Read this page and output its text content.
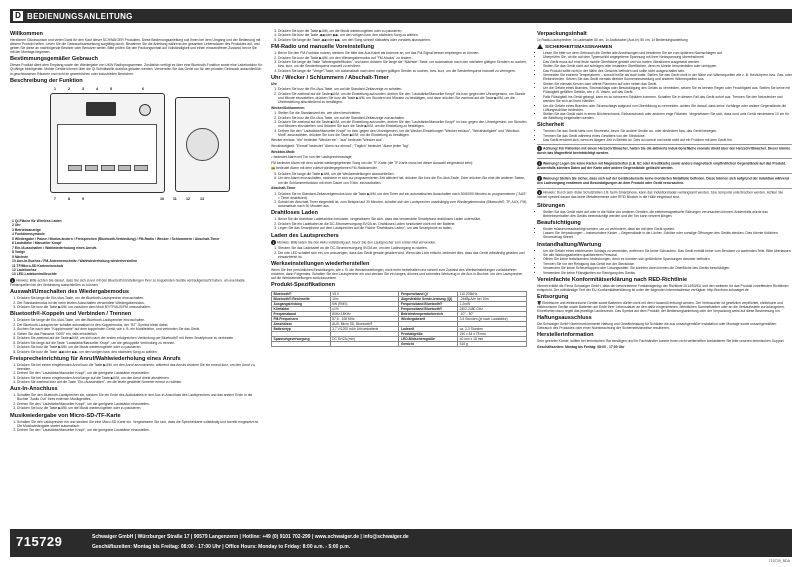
D BEDIENUNGSANLEITUNG
Willkommen

Herzlichen Glückwunsch und vielen Dank für den Kauf dieser SCHWAIGER Produktes. Diese Bedienungsanleitung soll Ihnen bei dem Umgang und der Bedienung mit diesem Produkt helfen. Lesen Sie die Gebrauchsanweisung sorgfältig durch. Bewahren Sie die Anleitung während der gesamten Lebensdauer des Produktes auf, und geben Sie diese an nachfolgende Besitzer oder Benutzer weiter. Bitte prüfen Sie den Packungsinhalt auf Vollständigkeit und einen einwandfreien Zustand, bevor Sie mit der Montage beginnen.

Bestimmungsgemäßer Gebrauch

Dieses Produkt dient dem Empfang sowie der Wiedergabe von UKW Radioprogrammen. Zusätzlich verfügt es über eine Bluetooth-Funktion sowie eine Ladefunktion für Qi-fähige Mobilgeräte. Mobile Geräte können über die Qi Schnittstelle drahtlos geladen werden. Verwenden Sie das Gerät nur für den privaten Gebrauch ausschließlich in geschlossenen Räumen und nicht im gewerblichen oder industriellen Bereichen.

Beschreibung der Funktion
1	2	3	4	5	6
7	8	9	10	11	12	13
1 Qi-Fläche für Wireless Laden
2 Uhr
3 Betriebsanzeige
4 Funktionssymbole
5 Wiedergabe / Pause / Modus ändern / Freisprechen (Bluetooth-Verbindung) / FM-Radio / Wecker / Schlummern / Abschalt-Timer
6 Lautstärke / Manueller Knopf
7 Ein-/Ausschalten / Wahlwiederholung eines Anrufs
8 Vorige
9 Nächste
10 Aux-In-Buchse / FM-Antennenschnitz / Wahlwiederholung wiederherstellen
11 TF/Micro-SD Karteneinschub
12 Ladebuchse
13 LED-Ladekontrollleuchte

i Hinweis: Bitte achten Sie darauf, dass Sie sich zuvor mit den Bluetooth Einstellungen Ihrer zu koppelnden Geräte vertrautgemacht haben, um eventuelle Fehlerquellen bei der Verbindung ausschließen zu können.

Auswahl/Umschalten des Wiedergabemodus
1. Drücken Sie lange die Ein-/Aus-Taste, um die Bluetooth-Lautsprecher einzuschalten.
2. Der Standardmodus ist der beim letzten Ausschalten verwendete Wiedergabemodus.
3. Drücken Sie kurz die Taste ▶II/M, um zwischen dem Modi BT/TF/AUX/FM umzuschalten.
Bluetooth®-Koppeln und Verbinden / Trennen
1. Drücken Sie lange die Ein-/Aus-Taste, um den Bluetooth-Lautsprecher einzuschalten.
2. Der Bluetooth-Lautsprecher schaltet automatisch in den Koppelmodus, der "BT"-Symbol blinkt dabei.
3. Suchen Sie nach dem "Kopplername" auf dem koppelnden Gerät, wie z. B. ein Mobiltelefon, und verbinden Sie das Gerät.
4. Geben Sie das Passwort "0000" ein, falls erforderlich.
5. Drücken Sie zweimal auf die Taste ▶II/M, um sich nach der ersten erfolgreichen Verbindung per Bluetooth® mit Ihrem Smartphone zu verbinden.
6. Drücken Sie lange auf die Taste "Lautstärke/Manueller Knopf", um die gekoppelte Verbindung zu trennen.
7. Drücken Sie kurz die Taste ▶II/M, um die Musik wiederzugeben oder zu pausieren.
8. Drücken Sie kurz die Taste ◀◀ oder ▶▶, um den vorigen bzw. den nächsten Song zu wählen.
Freisprecheinrichtung für Anruf/Wahlwiederholung eines Anrufs
1. Drücken Sie bei einem eingehenden Anruf kurz die Taste ▶II/M, um den Anruf anzunehmen, während das Anrufs drücken Sie sie erneut kurz, um den Anruf zu beenden.
2. Drehen Sie den "Lautstärke/Manueller Knopf", um die geeignete Lautstärke einzustellen.
3. Drücken Sie bei einem eingehenden Anruf lange auf die Taste ▶II/M, um den Anruf direkt abzulehnen.
4. Drücken Sie zweimal kurz auf die Taste "Ein-/Ausschalten", um die letzte gewählte Nummer erneut zu wählen.
Aux-In-Anschluss
1. Schalten Sie den Bluetooth-Lautsprecher ein, stecken Sie ein Ende des Audiokabels in den Aux-In-Anschluss des Lautsprechers und das andere Ende in die Buchse "Audio Out" Ihres externen Musikgerätes.
2. Drehen Sie den "Lautstärke/Manueller Knopf", um die geeignete Lautstärke einzustellen.
3. Drücken Sie kurz die Taste ▶II/M, um die Musik wiederzugeben oder zu pausieren.
Musikwiedergabe von Micro-SD-/TF-Karte
1. Schalten Sie den Lautsprecher ein und stecken Sie eine Micro-SD-Karte ein. Vergewissern Sie sich, dass die Speicherkarte vollständig und korrekt eingesetzt ist. Die Musikwiedergabe startet automatisch.
2. Drehen Sie den "Lautstärke/Manueller Knopf", um die geeignete Lautstärke einzustellen.
3. Drücken Sie kurz die Taste ▶II/M, um die Musik wiederzugeben oder zu pausieren.
4. Drücken Sie kurz die Taste ◀◀ oder ▶▶, um den vorigen bzw. den nächsten Song zu wählen.
5. Drücken Sie lange die Taste ◀◀ oder ▶▶, um den Song schnell rückwärts oder vorwärts abzuspielen.
FM-Radio und manuelle Voreinstellung
1. Bevor Sie den FM-Funktion nutzen, stecken Sie bitte das Aux-Kabel als Antenne an, um das FM-Signal besser empfangen zu können.
2. Drücken Sie kurz die Taste ▶II/M, um den Wiedergabemodus auf "FM-Modus" zu ändern.
3. Drücken Sie lange die Taste "Wiedergabe/Modus", und dann drücken Sie lange die "Nächste"-Taste, um automatisch nach den nächsten gültigen Sendern zu suchen, bzw. kurz, um die Senderfrequenz manuell zu erhöhen.
4. Drücken Sie lange die "Vorige"-Taste, um automatisch nach dem vorigen gültigen Sender zu suchen, bzw. kurz, um die Senderfrequenz manuell zu verringern.
Uhr / Wecker / Schlummern / Abschalt-Timer

Uhr

1. Drücken Sie kurz die Ein-/Aus-Taste, um auf die Standard-Zeitanzeige zu schalten.
2. Drücken Sie zweimal auf die Taste ▶II/M, um die Einstellung aufzurufen, drehen Sie den "Lautstärke/Manueller Knopf" bis bzw. gegen den Uhrzeigersinn, um Stunde und Minute einzustellen, drücken Sie kurz die Taste ▶II/M, um Stunden und Minuten zu bestätigen, und dann drücken Sie zweimal auf die Taste ▶II/M, um die Uhreinstellung abschließend zu bestätigen.

Wecker/Schlummern

1. Stellen Sie die Standardzeit ein, wie oben beschrieben.
2. Drücken Sie kurz die Ein-/Aus-Taste, um auf die Standard-Zeitanzeige zuzuschalten.
3. Drücken Sie zweimal auf die Taste ▶II/M, um die Einstellung aufzurufen, drehen Sie den "Lautstärke/Manueller Knopf" im bzw. gegen den Uhrzeigersinn, um Stunden und Minuten einzustellen, und drücken Sie kurz die Taste ▶II/M, um die Einstellung zu bestätigen.
4. Drehen Sie den "Lautstärke/Manueller Knopf" im bzw. gegen den Uhrzeigersinn, um die Wecker-Einstellungen "Wecker ein/aus", "Weckhäufigkeit" und "Weckton-Modi" auszuwählen, drücken Sie kurz die Taste ▶II/M, um die Einstellung zu bestätigen.

Wecker ein/aus: "ein" bedeutet "Wecker ein"; "aus" bedeutet "Wecker aus".

Weckhäufigkeit: "Einmal" bedeutet "Alarm nur einmal"; "Täglich" bedeutet "Alarm jeden Tag".

Weckton-Modi:

♪ bedeutet Alarm mit Ton von der Lautsprecheranlage;

FM bedeutet Alarm mit dem zuletzt wiedergegebenen Song von der TF-Karte (die TF-Karte muss bei dieser Auswahl eingesteckt sein);

📻 bedeutet Alarm mit dem zuletzt wiedergegebenen FM-Radiosender.

5. Drücken Sie lange die Taste ▶II/M, um die Weckeinstellungen abzuschließen.
6. Um den Alarm einzuschalten, nachdem er sich zur programmierten Zeit aktiviert hat, drücken Sie kurz die Ein-/Aus-Taste. Oder drücken Sie eine die anderen Tasten, um die Schlummerfunktion mit einer Dauer von 9 Min. einzuschalten.

Abschalt-Timer

1. Drücken Sie im Standard-Zeitanzeigemodus kurz die Taste ▶II/M, um den Timer auf ein automatisches Ausschalten nach 30/60/90 Minuten zu programmieren ("AUS" = Timer deaktiviert).
2. Sobald der Abschalt-Timer eingestellt ist, zum Beispiel auf 30 Minuten, schaltet sich der Lautsprecher unabhängig vom Wiedergabemodus (Bluetooth®, TF, AUX, FM) automatisch nach 30 Minuten aus.
Drahtloses Laden
1. Bevor Sie die drahtlose Ladefunktion benutzen, vergewissern Sie sich, dass das verwendete Smartphone drahtloses Laden unterstützt.
2. Drücken Sie ein Ladekabel an die DC-Stromversorgung 5V/2A an. Drahtloses Laden funktioniert nicht mit der Batterie.
3. Legen Sie das Smartphone auf dem Lautsprecher auf die Fläche "Drahtloses Laden", um das Smartphone zu laden.
Laden des Lautsprechers

i Hinweis: Bitte laden Sie den Akku vollständig auf, bevor Sie den Lautsprecher zum ersten Mal verwenden.

1. Stecken Sie das Ladekabel an die DC-Stromversorgung 5V/2A an, um den Ladevorgang zu starten.
2. Die rote LED schaltet sich ein, um anzuzeigen, dass das Gerät gerade geladen wird. Wenn das Licht erlischt, bedeutet dies, dass das Gerät vollständig geladen und einsatzbereit ist.
Werkseinstellungen wiederherstellen

Wenn Sie Ihre persönlichen Einstellungen, wie z. B. die Weckeinstellungen, nicht mehr beibehalten und schnell zum Zustand des Werkseinstellungen zurückkehren möchten, dann Folgendes. Schalten Sie den Lautsprecher ein und stecken Sie ein langes, dünnes und schmales Werkzeug in die Aux-In-Buchse, um den Lautsprecher auf die Werkseinstellungen zurückzusetzen.

Produkt-Spezifikationen
Bluetooth®	V5.0	Frequenzband Qi	110-205kHz
Bluetooth®-Reichweite	10m	Abgestrahlte Sende-leistung (Qi)	-24dBµA/m bei 10m
Ausgangsleistung	5W (RMS)	Frequenzband Bluetooth®	1,2mW
Klirrfaktor	≤1%	Frequenzband Bluetooth®	2402-2480 GHz
Frequenzband	80Hz-18KHz	Betriebstemperaturbereich	-10° - 50°
FM-Frequenzen	87,5 - 108 MHz	Wiedergabezeit	3-5 Stunden (je nach Lautstärke)
Anschlüsse	AUX, Micro SD, Bluetooth®		
Batterietyp	3,7 V/1200 mAh Lithiumbatterie	Ladezeit	ca. 2-3 Stunden
		Produktgröße	150 x 84 x 78 mm
Spannungsversorgung	DC 5V/2A (min)	LED-Bildschirmgröße	40 mm x 18 mm
		Gewicht	515 g
Verpackungsinhalt

1x Radio-Lautsprecher, 1x Ladekabel 80 cm, 1x Audiokabel (Aux-In) 50 cm, 1x Bedienungsanleitung

SICHERHEITSMASSNAHMEN
• Lesen Sie bitte vor dem Gebrauch die Geräte alle Anweisungen und bewahren Sie sie zum späteren Nachschlagen auf.
• Überprüfen Sie, ob die auf dem Typenschild angegebene Spannung mit Ihrer Netzspannung übereinstimmt.
• Das Gerät muss auf eine feste mobile Oberfläche gestellt und vor harten Vibrationen ausgesetzt werden.
• Stellen Sie das Gerät nicht auf schrägen oder instabilen Oberflächen, denn es könnte herunterfallen oder umkippen.
• Das Produkt sollte nicht in der Nähe des Gesichts befinden und sollte nicht ausgeschaltet sein.
• Vermeiden Sie extreme Temperaturen – sowohl heiße als auch kalte. Stellen Sie das Gerät nicht in der Nähe von Wärmequellen wie z. B. Heizkörpern bzw. Gas- oder Elektroherden. Setzen Sie das Gerät niemals direkter Sonneneinstrahlung und anderen Wärmequellen aus.
• Stellen Sie niemals Kerzen oder offene Flammen auf oder neben das Gerät.
• Um die Gefahr eines Brandes, Stromschlags oder Beschädigung des Geräts zu vermeiden, setzen Sie es keinem Regen oder Feuchtigkeit aus. Stellen Sie keine mit Flüssigkeit gefüllten Gefäße, wie z. B. Vasen, auf das Gerät.
• Falls Flüssigkeit ins Gerät gelangt, kann es zu schweren Schäden kommen. Schalten Sie in diesem Fall das Gerät sofort aus. Trennen Sie den Netzstecker und wenden Sie sich an Ihren Händler.
• Um die Gefahr eines Brandes oder Stromschlags aufgrund von Überhitzung zu vermeiden, achten Sie darauf, dass keine Vorhänge oder andere Gegenstände die Lüftungsschlitze bedecken.
• Stellen Sie das Gerät nicht in einen Bücherschrank, Einbauschrank oder anderen enge Räumen. Vergewissern Sie sich, dass rund ums Gerät mindestens 10 cm für die Belüftung freigehalten werden.
Sicherheit
• Trennen Sie das Gerät stets vom Stromnetz, bevor Sie andere Geräte an- oder abstecken bzw. das Gerät bewegen.
• Trennen Sie das Gerät während eines Gewitters von der Steckdose.
• Das Gerät erwärmt sich, wenn es längere Zeit in Betrieb ist. Dies ist normal und weist nicht auf ein Problem mit dem Gerät hin.
! Achtung! Für Patienten mit einem Herzschrittmacher, halten Sie die aktivierte Induk-tionsfläche niemals direkt über den Herzschrittmacher. Dieser könnte durch das Magnetfeld beeinträchtigt werden.
! Warnung! Legen Sie keine Karten mit Magnetstreifen (z.B. EC oder Kreditkarte) sowie andere magnetisch empfindlichen Gegenstände auf das Produkt. Andernfalls könnten Daten auf der Karte oder andere Gegenstände gelöscht werden.
! Warnung! Stellen Sie sicher, dass sich auf der Geräteoberseite keine montierten Metallteile befinden. Diese können sich aufgrund der Induktion während des Ladevorgang erwärmen und Beschädigungen an dem Produkt oder Gerät verursachen.
i Hinweis: Durch sehr dicke Schutzhüllen z.B. beim Smartphone, kann das Induktionsladen verlangsamt werden, bzw. temporär unterbrochen werden. Achten Sie hierbei speziell darauf das keine Metallelemente oder RFID Blocker in die Hülle eingebaut sind.
Störungen
• Stellen Sie das Gerät nicht auf oder in die Nähe von anderen Geräten, die elektromagnetische Störungen verursachen können. Andernfalls würde das Betriebsverhalten des Geräts beeinträchtigt werden und der Ton kann verzerrt klingen.
Beaufsichtigung
• Kinder müssen beaufsichtigt werden, um zu verhindern, dass sie mit dem Gerät spielen.
• Lassen Sie Verpackungen – insbesondere Kinder – Gegenstände in die Löcher, Schlitze oder sonstige Öffnungen des Geräts stecken. Dies könnte tödlichen Stromschlag führen!
Instandhaltung/Wartung
• Um die Gefahr eines elektrischen Schlags zu vermeiden, entfernen Sie keine Schrauben. Das Gerät enthält keine vom Benutzer zu wartenden Teile. Bitte überlassen Sie alle Wartungsarbeiten qualifiziertem Personal.
• Öffnen Sie keine festsitzenden Abdeckungen, denn es könnten sich gefährliche Spannungen darunter befinden.
• Trennen Sie vor der Reinigung das Gerät von der Steckdose.
• Verwenden Sie keine Scheuerlappen oder Lösungsmittel. Sie könnten dann können die Oberfläche des Geräts beschädigen.
• Verwenden Sie keine Flüssigkeiten zur Reinigung des Geräts.
Vereinfachte Konformitätserklärung nach RED-Richtlinie

Hiermit erklärt die Firma Schwaiger GmbH, dass der beschriebene Funkanlagentyp der Richtlinie 2014/53/EU und den weiteren für das Produkt zutreffenden Richtlinien entspricht. Der vollständige Text der EU-Konformitätserklärung ist unter der folgenden Internetadresse verfügbar: http://konform.schwaiger.de

Entsorgung

🗑 Elektrische und elektronische Geräte sowie Batterien dürfen nicht mit dem Hausmüll entsorgt werden. Der Verbraucher ist gesetzlich verpflichtet, elektrische und elektronische Geräte sowie Batterien am Ende ihrer Lebensdauer an den dafür eingerichteten, öffentlichen Sammelstellen oder an die Verkaufsstelle zurückzugeben. Einzelheiten dazu regelt das jeweilige Landesrecht. Das Symbol auf dem Produkt, der Bedienungsanleitung oder der Verpackung weist auf diese Bestimmung hin.

Haftungsausschluss

Die Schwaiger GmbH übernimmt keinerlei Haftung und Gewährleistung für Schäden die aus unsachgemäßer Installation oder Montage sowie unsachgemäßem Gebrauch des Produktes oder einer Nichtbeachtung der Sicherheitshinweise resultieren.

Herstellerinformation

Sehr geehrter Kunde, sollten bei technischen Rat benötigen und Ihr Fachhändler konnte Ihnen nicht weiterhelfen kontaktieren Sie bitte unseren technischen Support.

Geschäftszeiten: Montag bis Freitag: 08:00 - 17:00 Uhr

715729	Schwaiger GmbH | Würzburger Straße 17 | 90579 Langenzenn | Hotline: +49 (0) 9101 702-299 | www.schwaiger.de | info@schwaiger.de
Geschäftszeiten: Montag bis Freitag: 08:00 - 17:00 Uhr | Office Hours: Monday to Friday: 8:00 a.m. - 5:00 p.m.
715729_BDA
